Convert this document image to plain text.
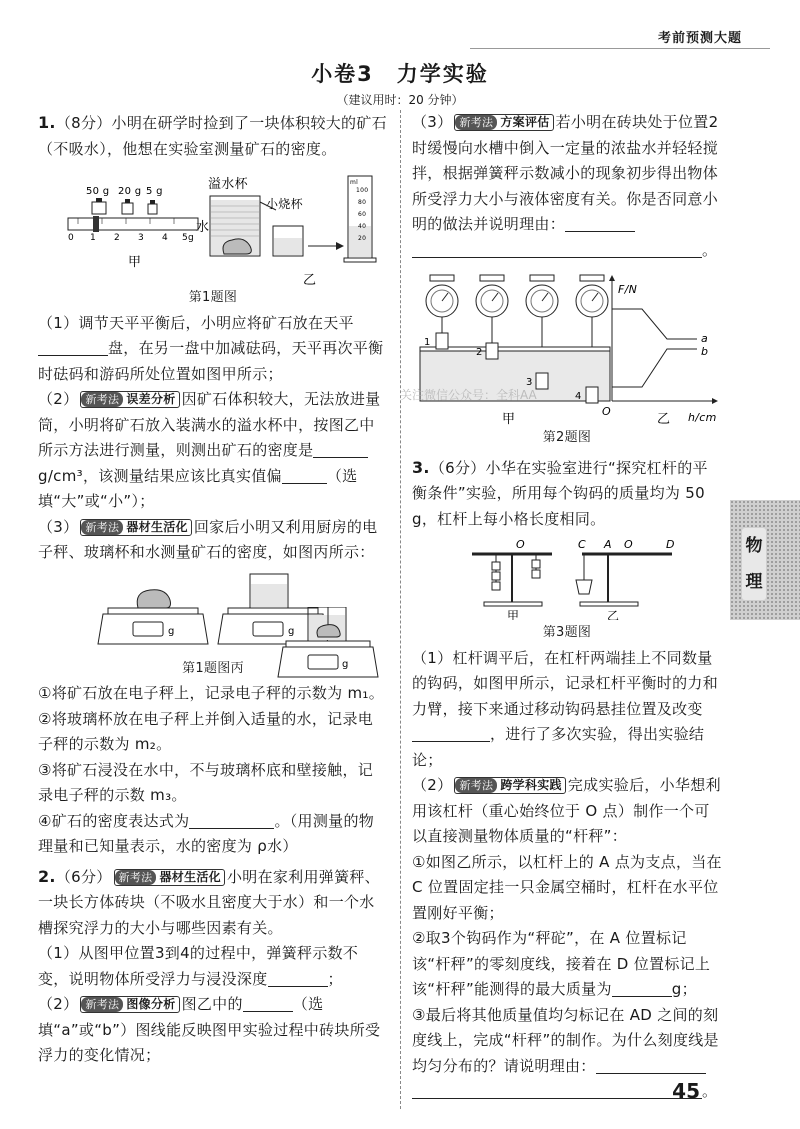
考前预测大题
小卷3　力学实验
（建议用时：20 分钟）

1.（8分）小明在研学时捡到了一块体积较大的矿石（不吸水），他想在实验室测量矿石的密度。

50 g 20 g 5 g
0 1 2 3 4 5g
甲
溢水杯
水
小烧杯
ml
100
80
60
40
20
乙
第1题图

（1）调节天平平衡后，小明应将矿石放在天平盘，在另一盘中加减砝码，天平再次平衡时砝码和游码所处位置如图甲所示；

（2） 新考法 误差分析 因矿石体积较大，无法放进量筒，小明将矿石放入装满水的溢水杯中，按图乙中所示方法进行测量，则测出矿石的密度是g/cm³，该测量结果应该比真实值偏	（选填“大”或“小”）；

（3） 新考法 器材生活化 回家后小明又利用厨房的电子秤、玻璃杯和水测量矿石的密度，如图丙所示：

g	g
第1题图丙

①将矿石放在电子秤上，记录电子秤的示数为 m₁。

②将玻璃杯放在电子秤上并倒入适量的水，记录电子秤的示数为 m₂。

③将矿石浸没在水中，不与玻璃杯底和壁接触，记录电子秤的示数 m₃。

④矿石的密度表达式为	。（用测量的物理量和已知量表示，水的密度为 ρ水）

2.（6分） 新考法 器材生活化 小明在家利用弹簧秤、一块长方体砖块（不吸水且密度大于水）和一个水槽探究浮力的大小与哪些因素有关。

（1）从图甲位置3到4的过程中，弹簧秤示数不变，说明物体所受浮力与浸没深度	；

（2） 新考法 图像分析 图乙中的	（选填“a”或“b”）图线能反映图甲实验过程中砖块所受浮力的变化情况；

g

（3） 新考法 方案评估 若小明在砖块处于位置2时缓慢向水槽中倒入一定量的浓盐水并轻轻搅拌，根据弹簧秤示数减小的现象初步得出物体所受浮力大小与液体密度有关。你是否同意小明的做法并说明理由：

。

1
2
3
4
甲
F/N
h/cm
O
a
b
乙
第2题图

3.（6分）小华在实验室进行“探究杠杆的平衡条件”实验，所用每个钩码的质量均为 50 g，杠杆上每小格长度相同。

O
甲
C A O	D
乙
第3题图

（1）杠杆调平后，在杠杆两端挂上不同数量的钩码，如图甲所示，记录杠杆平衡时的力和力臂，接下来通过移动钩码悬挂位置及改变，进行了多次实验，得出实验结论；

（2） 新考法 跨学科实践 完成实验后，小华想利用该杠杆（重心始终位于 O 点）制作一个可以直接测量物体质量的“杆秤”：

①如图乙所示，以杠杆上的 A 点为支点，当在 C 位置固定挂一只金属空桶时，杠杆在水平位置刚好平衡；

②取3个钩码作为“秤砣”，在 A 位置标记该“杆秤”的零刻度线，接着在 D 位置标记上该“杆秤”能测得的最大质量为	g；

③最后将其他质量值均匀标记在 AD 之间的刻度线上，完成“杆秤”的制作。为什么刻度线是均匀分布的？请说明理由：

。

关注微信公众号：全科AA
物
理
45
